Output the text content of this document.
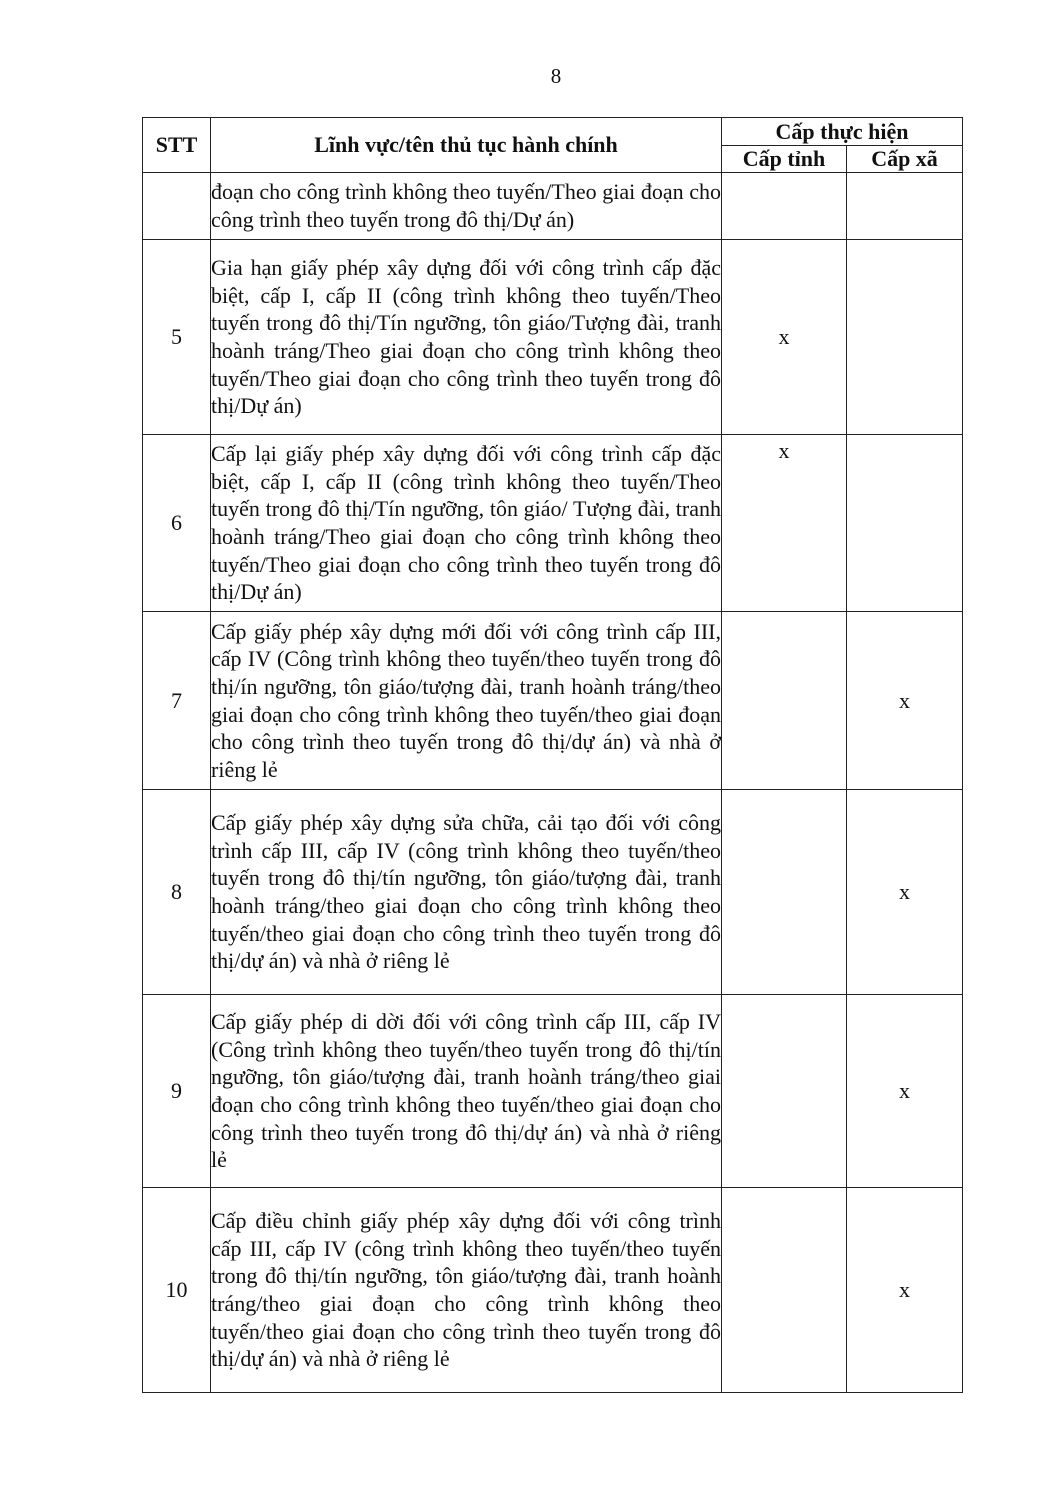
8
STT	Lĩnh vực/tên thủ tục hành chính	Cấp thực hiện	
		Cấp tỉnh	Cấp xã
	đoạn cho công trình không theo tuyến/Theo giai đoạn cho công trình theo tuyến trong đô thị/Dự án)		
5	Gia hạn giấy phép xây dựng đối với công trình cấp đặc biệt, cấp I, cấp II (công trình không theo tuyến/Theo tuyến trong đô thị/Tín ngưỡng, tôn giáo/Tượng đài, tranh hoành tráng/Theo giai đoạn cho công trình không theo tuyến/Theo giai đoạn cho công trình theo tuyến trong đô thị/Dự án)	x	
6	Cấp lại giấy phép xây dựng đối với công trình cấp đặc biệt, cấp I, cấp II (công trình không theo tuyến/Theo tuyến trong đô thị/Tín ngưỡng, tôn giáo/ Tượng đài, tranh hoành tráng/Theo giai đoạn cho công trình không theo tuyến/Theo giai đoạn cho công trình theo tuyến trong đô thị/Dự án)	x	
7	Cấp giấy phép xây dựng mới đối với công trình cấp III, cấp IV (Công trình không theo tuyến/theo tuyến trong đô thị/ín ngưỡng, tôn giáo/tượng đài, tranh hoành tráng/theo giai đoạn cho công trình không theo tuyến/theo giai đoạn cho công trình theo tuyến trong đô thị/dự án) và nhà ở riêng lẻ		x
8	Cấp giấy phép xây dựng sửa chữa, cải tạo đối với công trình cấp III, cấp IV (công trình không theo tuyến/theo tuyến trong đô thị/tín ngưỡng, tôn giáo/tượng đài, tranh hoành tráng/theo giai đoạn cho công trình không theo tuyến/theo giai đoạn cho công trình theo tuyến trong đô thị/dự án) và nhà ở riêng lẻ		x
9	Cấp giấy phép di dời đối với công trình cấp III, cấp IV (Công trình không theo tuyến/theo tuyến trong đô thị/tín ngưỡng, tôn giáo/tượng đài, tranh hoành tráng/theo giai đoạn cho công trình không theo tuyến/theo giai đoạn cho công trình theo tuyến trong đô thị/dự án) và nhà ở riêng lẻ		x
10	Cấp điều chỉnh giấy phép xây dựng đối với công trình cấp III, cấp IV (công trình không theo tuyến/theo tuyến trong đô thị/tín ngưỡng, tôn giáo/tượng đài, tranh hoành tráng/theo giai đoạn cho công trình không theo tuyến/theo giai đoạn cho công trình theo tuyến trong đô thị/dự án) và nhà ở riêng lẻ		x
